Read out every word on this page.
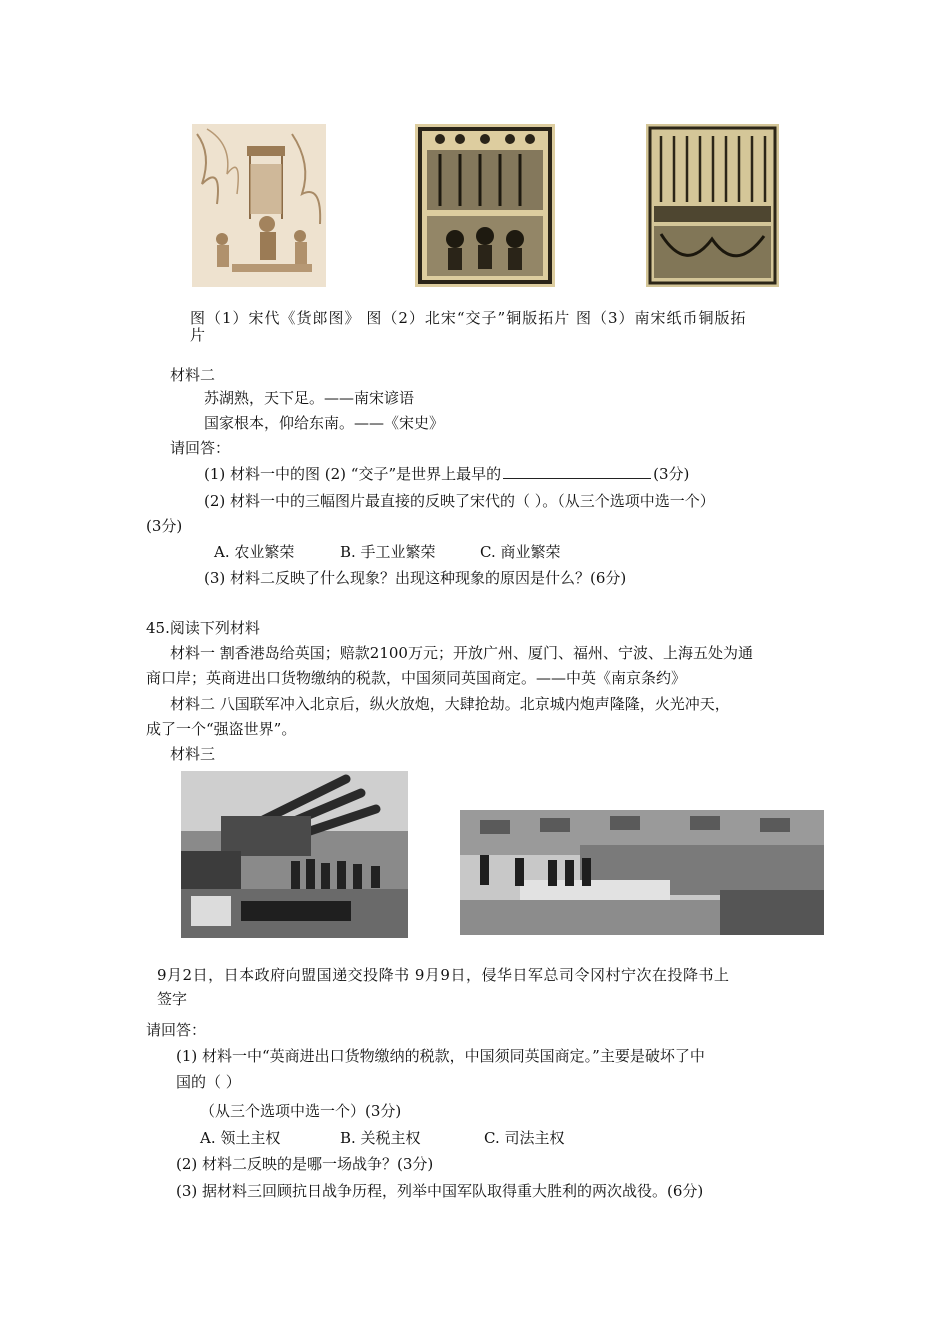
图（1）宋代《货郎图》 图（2）北宋“交子”铜版拓片 图（3）南宋纸币铜版拓
片
材料二
苏湖熟，天下足。——南宋谚语
国家根本，仰给东南。——《宋史》
请回答：
(1) 材料一中的图 (2) “交子”是世界上最早的	(3分)
(2) 材料一中的三幅图片最直接的反映了宋代的（ ）。（从三个选项中选一个）
(3分)
A. 农业繁荣	B. 手工业繁荣	C. 商业繁荣
(3) 材料二反映了什么现象？出现这种现象的原因是什么？(6分)
45.阅读下列材料
材料一 割香港岛给英国；赔款2100万元；开放广州、厦门、福州、宁波、上海五处为通
商口岸；英商进出口货物缴纳的税款，中国须同英国商定。——中英《南京条约》
材料二 八国联军冲入北京后，纵火放炮，大肆抢劫。北京城内炮声隆隆，火光冲天，
成了一个“强盗世界”。
材料三
9月2日，日本政府向盟国递交投降书 9月9日，侵华日军总司令冈村宁次在投降书上
签字
请回答：
(1) 材料一中“英商进出口货物缴纳的税款，中国须同英国商定。”主要是破坏了中
国的（ ）
（从三个选项中选一个）(3分)
A. 领土主权	B. 关税主权	C. 司法主权
(2) 材料二反映的是哪一场战争？(3分)
(3) 据材料三回顾抗日战争历程，列举中国军队取得重大胜利的两次战役。(6分)
